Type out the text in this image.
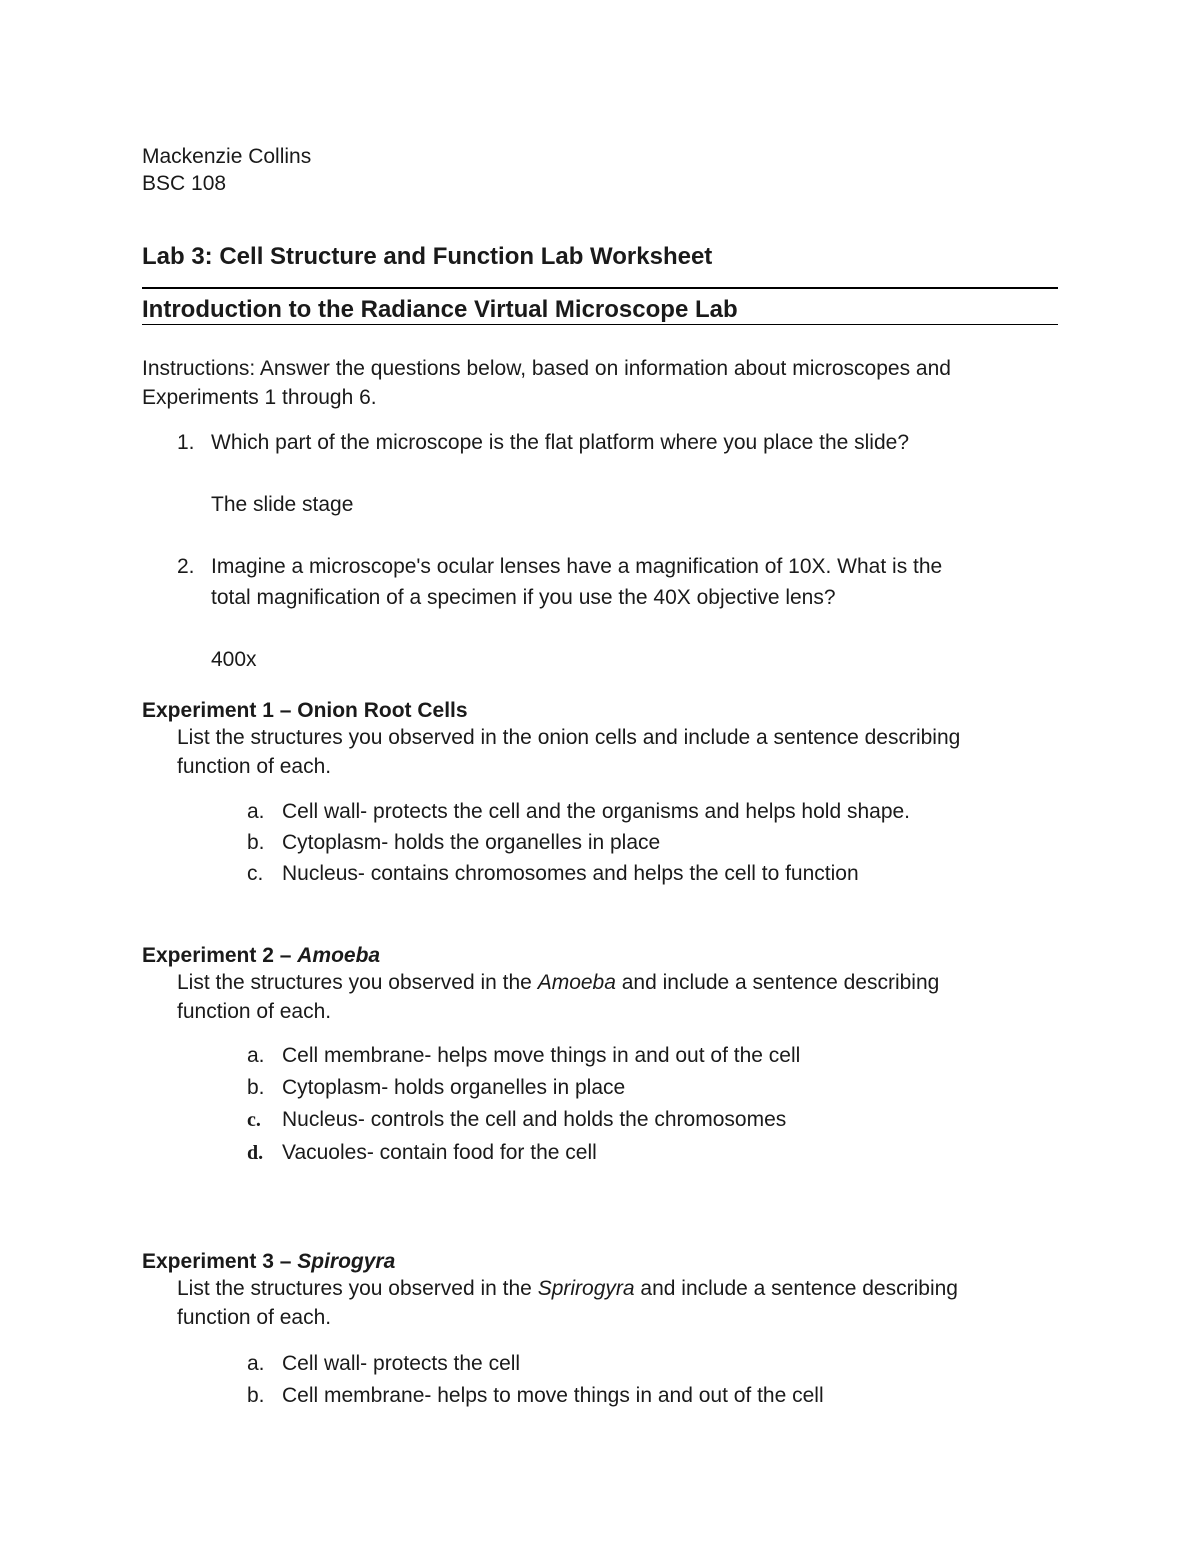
Mackenzie Collins
BSC 108
Lab 3: Cell Structure and Function Lab Worksheet
Introduction to the Radiance Virtual Microscope Lab
Instructions: Answer the questions below, based on information about microscopes and
Experiments 1 through 6.
1. Which part of the microscope is the flat platform where you place the slide?
The slide stage
2. Imagine a microscope's ocular lenses have a magnification of 10X. What is the
total magnification of a specimen if you use the 40X objective lens?
400x
Experiment 1 – Onion Root Cells
List the structures you observed in the onion cells and include a sentence describing
function of each.
a. Cell wall- protects the cell and the organisms and helps hold shape.
b. Cytoplasm- holds the organelles in place
c. Nucleus- contains chromosomes and helps the cell to function
Experiment 2 – Amoeba
List the structures you observed in the Amoeba and include a sentence describing
function of each.
a. Cell membrane- helps move things in and out of the cell
b. Cytoplasm- holds organelles in place
c. Nucleus- controls the cell and holds the chromosomes
d. Vacuoles- contain food for the cell
Experiment 3 – Spirogyra
List the structures you observed in the Sprirogyra and include a sentence describing
function of each.
a. Cell wall- protects the cell
b. Cell membrane- helps to move things in and out of the cell
